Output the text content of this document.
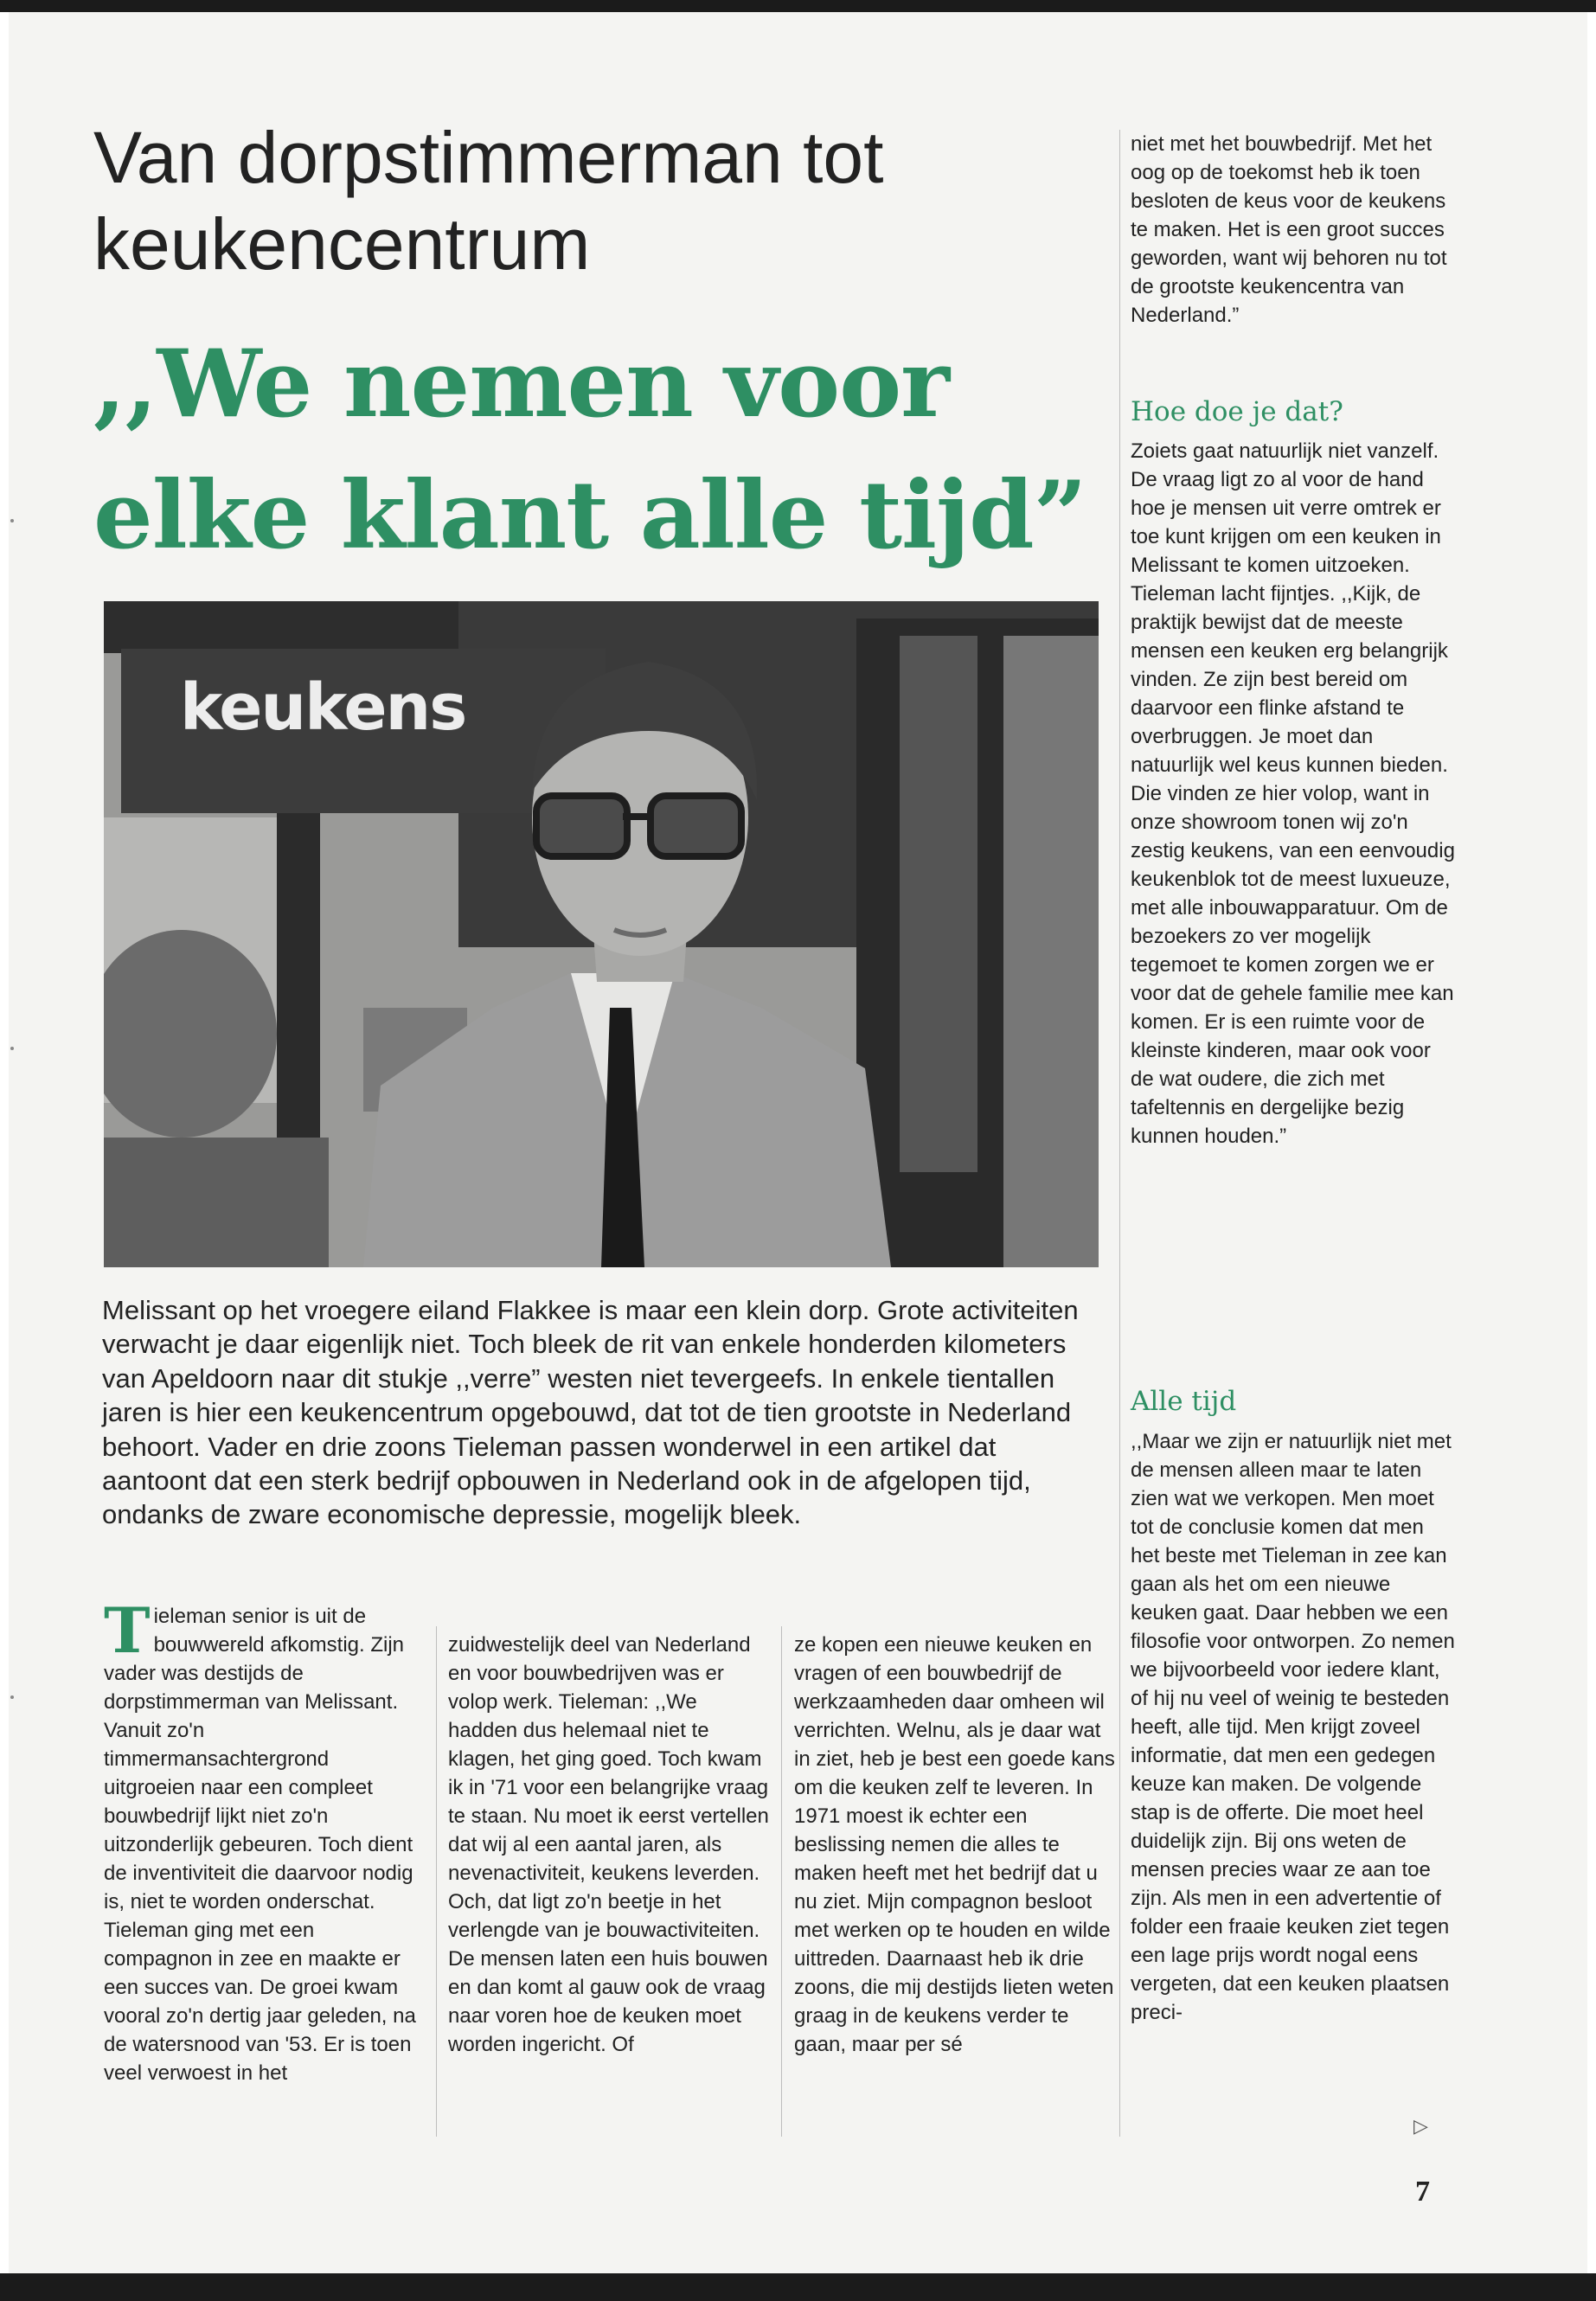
Van dorpstimmerman tot
keukencentrum
,,We nemen voor
elke klant alle tijd”
keukens

Melissant op het vroegere eiland Flakkee is maar een klein dorp. Grote activiteiten verwacht je daar eigenlijk niet. Toch bleek de rit van enkele honderden kilometers van Apeldoorn naar dit stukje ,,verre” westen niet tevergeefs. In enkele tientallen jaren is hier een keukencentrum opgebouwd, dat tot de tien grootste in Nederland behoort. Vader en drie zoons Tieleman passen wonderwel in een artikel dat aantoont dat een sterk bedrijf opbouwen in Nederland ook in de afgelopen tijd, ondanks de zware economische depressie, mogelijk bleek.

Tieleman senior is uit de bouwwereld afkomstig. Zijn vader was destijds de dorpstimmerman van Melissant. Vanuit zo'n timmermansachtergrond uitgroeien naar een compleet bouwbedrijf lijkt niet zo'n uitzonderlijk gebeuren. Toch dient de inventiviteit die daarvoor nodig is, niet te worden onderschat. Tieleman ging met een compagnon in zee en maakte er een succes van. De groei kwam vooral zo'n dertig jaar geleden, na de watersnood van '53. Er is toen veel verwoest in het

zuidwestelijk deel van Nederland en voor bouwbedrijven was er volop werk. Tieleman: ,,We hadden dus helemaal niet te klagen, het ging goed. Toch kwam ik in '71 voor een belangrijke vraag te staan. Nu moet ik eerst vertellen dat wij al een aantal jaren, als nevenactiviteit, keukens leverden. Och, dat ligt zo'n beetje in het verlengde van je bouwactiviteiten. De mensen laten een huis bouwen en dan komt al gauw ook de vraag naar voren hoe de keuken moet worden ingericht. Of

ze kopen een nieuwe keuken en vragen of een bouwbedrijf de werkzaamheden daar omheen wil verrichten. Welnu, als je daar wat in ziet, heb je best een goede kans om die keuken zelf te leveren. In 1971 moest ik echter een beslissing nemen die alles te maken heeft met het bedrijf dat u nu ziet. Mijn compagnon besloot met werken op te houden en wilde uittreden. Daarnaast heb ik drie zoons, die mij destijds lieten weten graag in de keukens verder te gaan, maar per sé

niet met het bouwbedrijf. Met het oog op de toekomst heb ik toen besloten de keus voor de keukens te maken. Het is een groot succes geworden, want wij behoren nu tot de grootste keukencentra van Nederland.”

Hoe doe je dat?

Zoiets gaat natuurlijk niet vanzelf. De vraag ligt zo al voor de hand hoe je mensen uit verre omtrek er toe kunt krijgen om een keuken in Melissant te komen uitzoeken. Tieleman lacht fijntjes. ,,Kijk, de praktijk bewijst dat de meeste mensen een keuken erg belangrijk vinden. Ze zijn best bereid om daarvoor een flinke afstand te overbruggen. Je moet dan natuurlijk wel keus kunnen bieden. Die vinden ze hier volop, want in onze showroom tonen wij zo'n zestig keukens, van een eenvoudig keukenblok tot de meest luxueuze, met alle inbouwapparatuur. Om de bezoekers zo ver mogelijk tegemoet te komen zorgen we er voor dat de gehele familie mee kan komen. Er is een ruimte voor de kleinste kinderen, maar ook voor de wat oudere, die zich met tafeltennis en dergelijke bezig kunnen houden.”

Alle tijd

,,Maar we zijn er natuurlijk niet met de mensen alleen maar te laten zien wat we verkopen. Men moet tot de conclusie komen dat men het beste met Tieleman in zee kan gaan als het om een nieuwe keuken gaat. Daar hebben we een filosofie voor ontworpen. Zo nemen we bijvoorbeeld voor iedere klant, of hij nu veel of weinig te besteden heeft, alle tijd. Men krijgt zoveel informatie, dat men een gedegen keuze kan maken. De volgende stap is de offerte. Die moet heel duidelijk zijn. Bij ons weten de mensen precies waar ze aan toe zijn. Als men in een advertentie of folder een fraaie keuken ziet tegen een lage prijs wordt nogal eens vergeten, dat een keuken plaatsen preci-

▷

7
